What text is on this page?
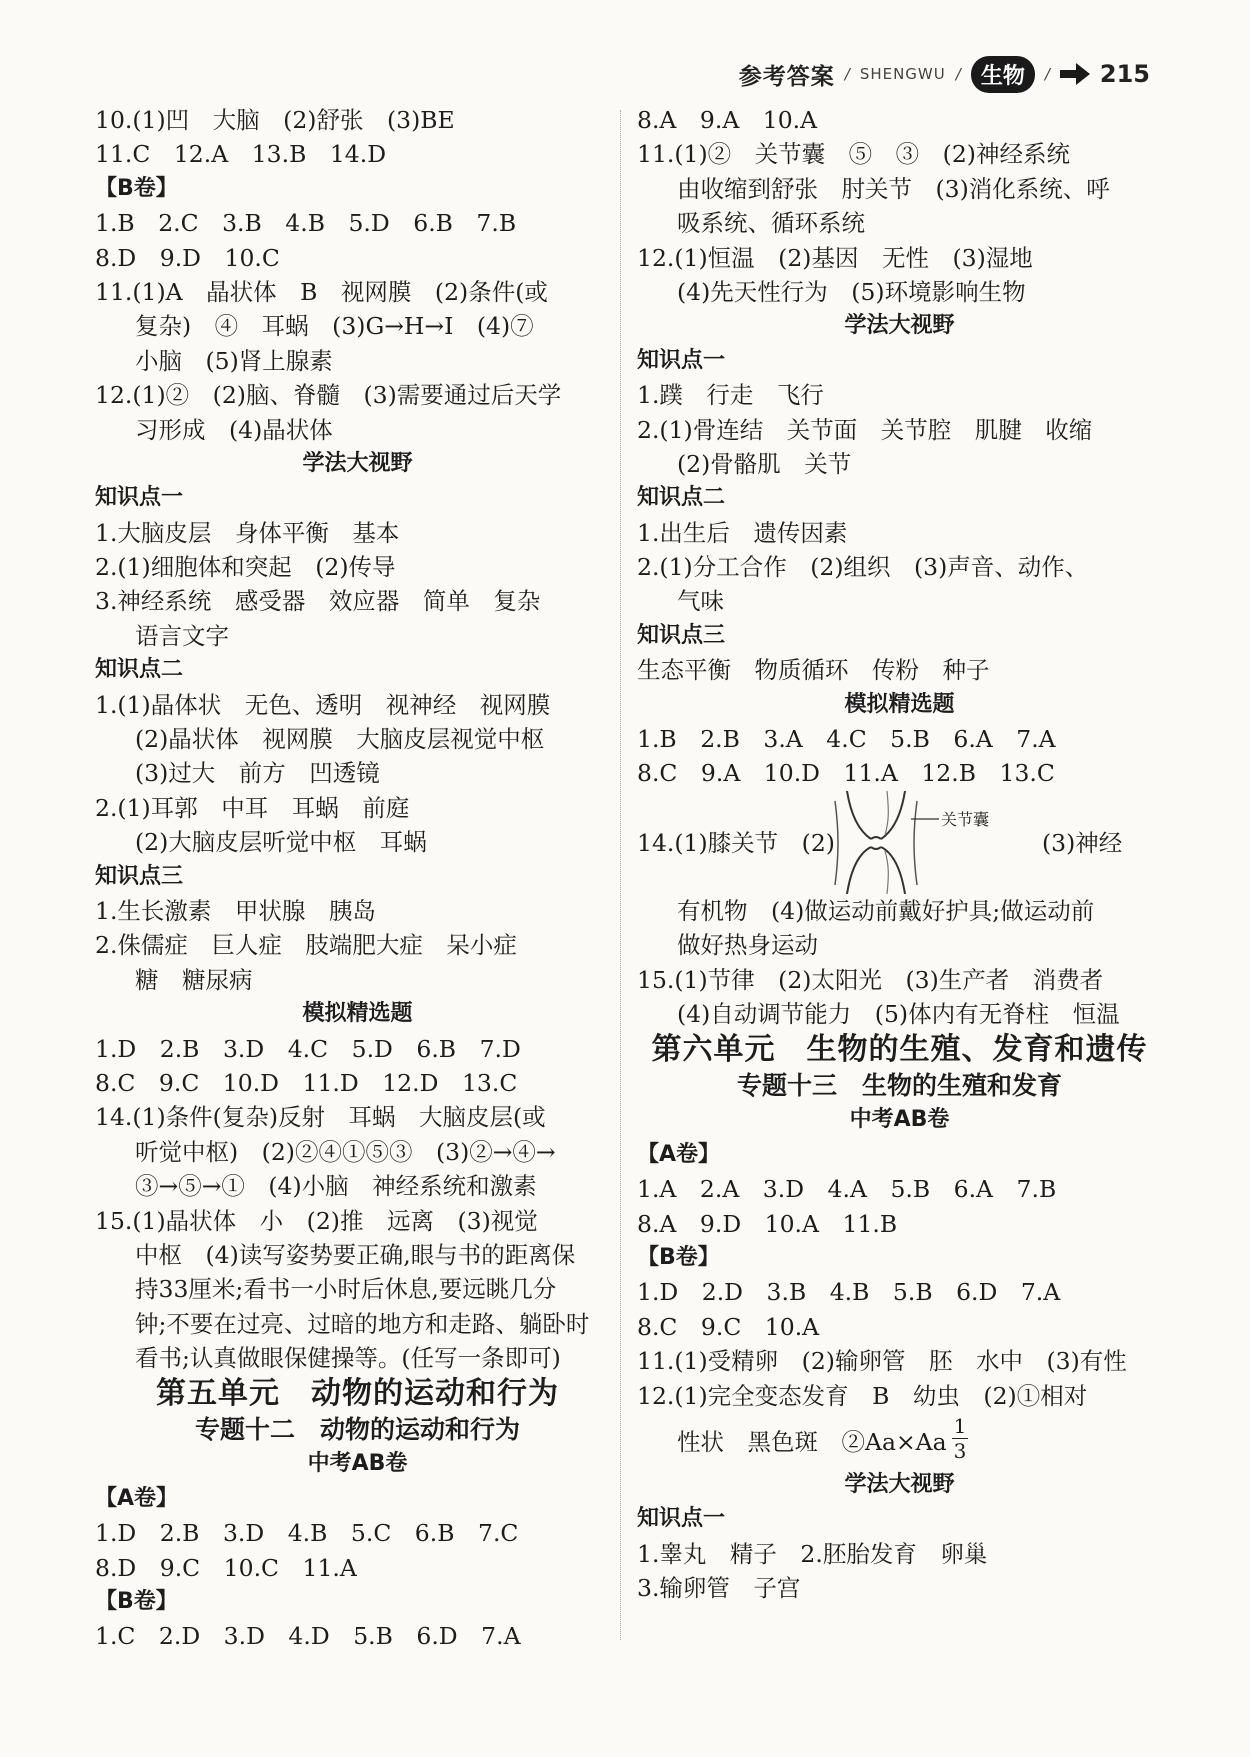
参考答案 / SHENGWU / 生物	/ 215
10.(1)凹　大脑　(2)舒张　(3)BE
11.C　12.A　13.B　14.D
【B卷】
1.B　2.C　3.B　4.B　5.D　6.B　7.B
8.D　9.D　10.C
11.(1)A　晶状体　B　视网膜　(2)条件(或
复杂)　④　耳蜗　(3)G→H→I　(4)⑦
小脑　(5)肾上腺素
12.(1)②　(2)脑、脊髓　(3)需要通过后天学
习形成　(4)晶状体
学法大视野
知识点一
1.大脑皮层　身体平衡　基本
2.(1)细胞体和突起　(2)传导
3.神经系统　感受器　效应器　简单　复杂
语言文字
知识点二
1.(1)晶体状　无色、透明　视神经　视网膜
(2)晶状体　视网膜　大脑皮层视觉中枢
(3)过大　前方　凹透镜
2.(1)耳郭　中耳　耳蜗　前庭
(2)大脑皮层听觉中枢　耳蜗
知识点三
1.生长激素　甲状腺　胰岛
2.侏儒症　巨人症　肢端肥大症　呆小症
糖　糖尿病
模拟精选题
1.D　2.B　3.D　4.C　5.D　6.B　7.D
8.C　9.C　10.D　11.D　12.D　13.C
14.(1)条件(复杂)反射　耳蜗　大脑皮层(或
听觉中枢)　(2)②④①⑤③　(3)②→④→
③→⑤→①　(4)小脑　神经系统和激素
15.(1)晶状体　小　(2)推　远离　(3)视觉
中枢　(4)读写姿势要正确,眼与书的距离保
持33厘米;看书一小时后休息,要远眺几分
钟;不要在过亮、过暗的地方和走路、躺卧时
看书;认真做眼保健操等。(任写一条即可)
第五单元　动物的运动和行为
专题十二　动物的运动和行为
中考AB卷
【A卷】
1.D　2.B　3.D　4.B　5.C　6.B　7.C
8.D　9.C　10.C　11.A
【B卷】
1.C　2.D　3.D　4.D　5.B　6.D　7.A
8.A　9.A　10.A
11.(1)②　关节囊　⑤　③　(2)神经系统
由收缩到舒张　肘关节　(3)消化系统、呼
吸系统、循环系统
12.(1)恒温　(2)基因　无性　(3)湿地
(4)先天性行为　(5)环境影响生物
学法大视野
知识点一
1.蹼　行走　飞行
2.(1)骨连结　关节面　关节腔　肌腱　收缩
(2)骨骼肌　关节
知识点二
1.出生后　遗传因素
2.(1)分工合作　(2)组织　(3)声音、动作、
气味
知识点三
生态平衡　物质循环　传粉　种子
模拟精选题
1.B　2.B　3.A　4.C　5.B　6.A　7.A
8.C　9.A　10.D　11.A　12.B　13.C
14.(1)膝关节　(2)
关节囊
(3)神经
有机物　(4)做运动前戴好护具;做运动前
做好热身运动
15.(1)节律　(2)太阳光　(3)生产者　消费者
(4)自动调节能力　(5)体内有无脊柱　恒温
第六单元　生物的生殖、发育和遗传
专题十三　生物的生殖和发育
中考AB卷
【A卷】
1.A　2.A　3.D　4.A　5.B　6.A　7.B
8.A　9.D　10.A　11.B
【B卷】
1.D　2.D　3.B　4.B　5.B　6.D　7.A
8.C　9.C　10.A
11.(1)受精卵　(2)输卵管　胚　水中　(3)有性
12.(1)完全变态发育　B　幼虫　(2)①相对
性状　黑色斑　②Aa×Aa
1
3
学法大视野
知识点一
1.睾丸　精子　2.胚胎发育　卵巢
3.输卵管　子宫
